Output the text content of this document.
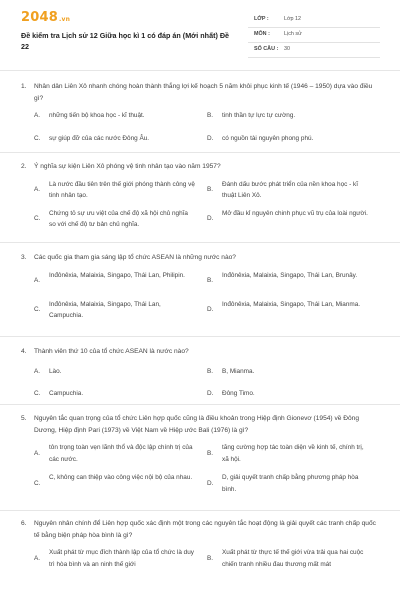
2048.vn
Đề kiểm tra Lịch sử 12 Giữa học kì 1 có đáp án (Mới nhất) Đề 22
LỚP :	Lớp 12
MÔN :	Lịch sử
SỐ CÂU : 30
1. Nhân dân Liên Xô nhanh chóng hoàn thành thắng lợi kế hoạch 5 năm khôi phục kinh tế (1946 – 1950) dựa vào điều gì?
A.	những tiến bộ khoa học - kĩ thuật.	B.	tinh thần tự lực tự cường.
C.	sự giúp đỡ của các nước Đông Âu.	D.	có nguồn tài nguyên phong phú.
2. Ý nghĩa sự kiện Liên Xô phóng vệ tinh nhân tạo vào năm 1957?
A.
Là nước đầu tiên trên thế giới phóng thành công vệ tinh nhân tạo.
B.
Đánh dấu bước phát triển của nền khoa học - kĩ thuật Liên Xô.
C.
Chứng tỏ sự ưu việt của chế độ xã hội chủ nghĩa so với chế độ tư bản chủ nghĩa.
D.
Mở đầu kỉ nguyên chinh phục vũ trụ của loài người.
3. Các quốc gia tham gia sáng lập tổ chức ASEAN là những nước nào?
A.
Inđônêxia, Malaixia, Singapo, Thái Lan, Philipin.
B.
Inđônêxia, Malaixia, Singapo, Thái Lan, Brunây.
C.
Inđônêxia, Malaixia, Singapo, Thái Lan, Campuchia.
D.
Inđônêxia, Malaixia, Singapo, Thái Lan, Mianma.
4. Thành viên thứ 10 của tổ chức ASEAN là nước nào?
A.	Lào.	B.	B, Mianma.
C.	Campuchia.	D.	Đông Timo.
5. Nguyên tắc quan trọng của tổ chức Liên hợp quốc cũng là điều khoản trong Hiệp định Gionevơ (1954) về Đông Dương, Hiệp định Pari (1973) về Việt Nam về Hiệp ước Bali (1976) là gì?
A.
tôn trọng toàn vẹn lãnh thổ và độc lập chính trị của các nước.
B.
tăng cường hợp tác toàn diện về kinh tế, chính trị, xã hội.
C.
C, không can thiệp vào công việc nội bộ của nhau.
D.
D, giải quyết tranh chấp bằng phương pháp hòa bình.
6. Nguyên nhân chính để Liên hợp quốc xác định một trong các nguyên tắc hoạt động là giải quyết các tranh chấp quốc tế bằng biện pháp hòa bình là gì?
A.
Xuất phát từ mục đích thành lập của tổ chức là duy trì hòa bình và an ninh thế giới
B.
Xuất phát từ thực tế thế giới vừa trải qua hai cuộc chiến tranh nhiều đau thương mất mát
